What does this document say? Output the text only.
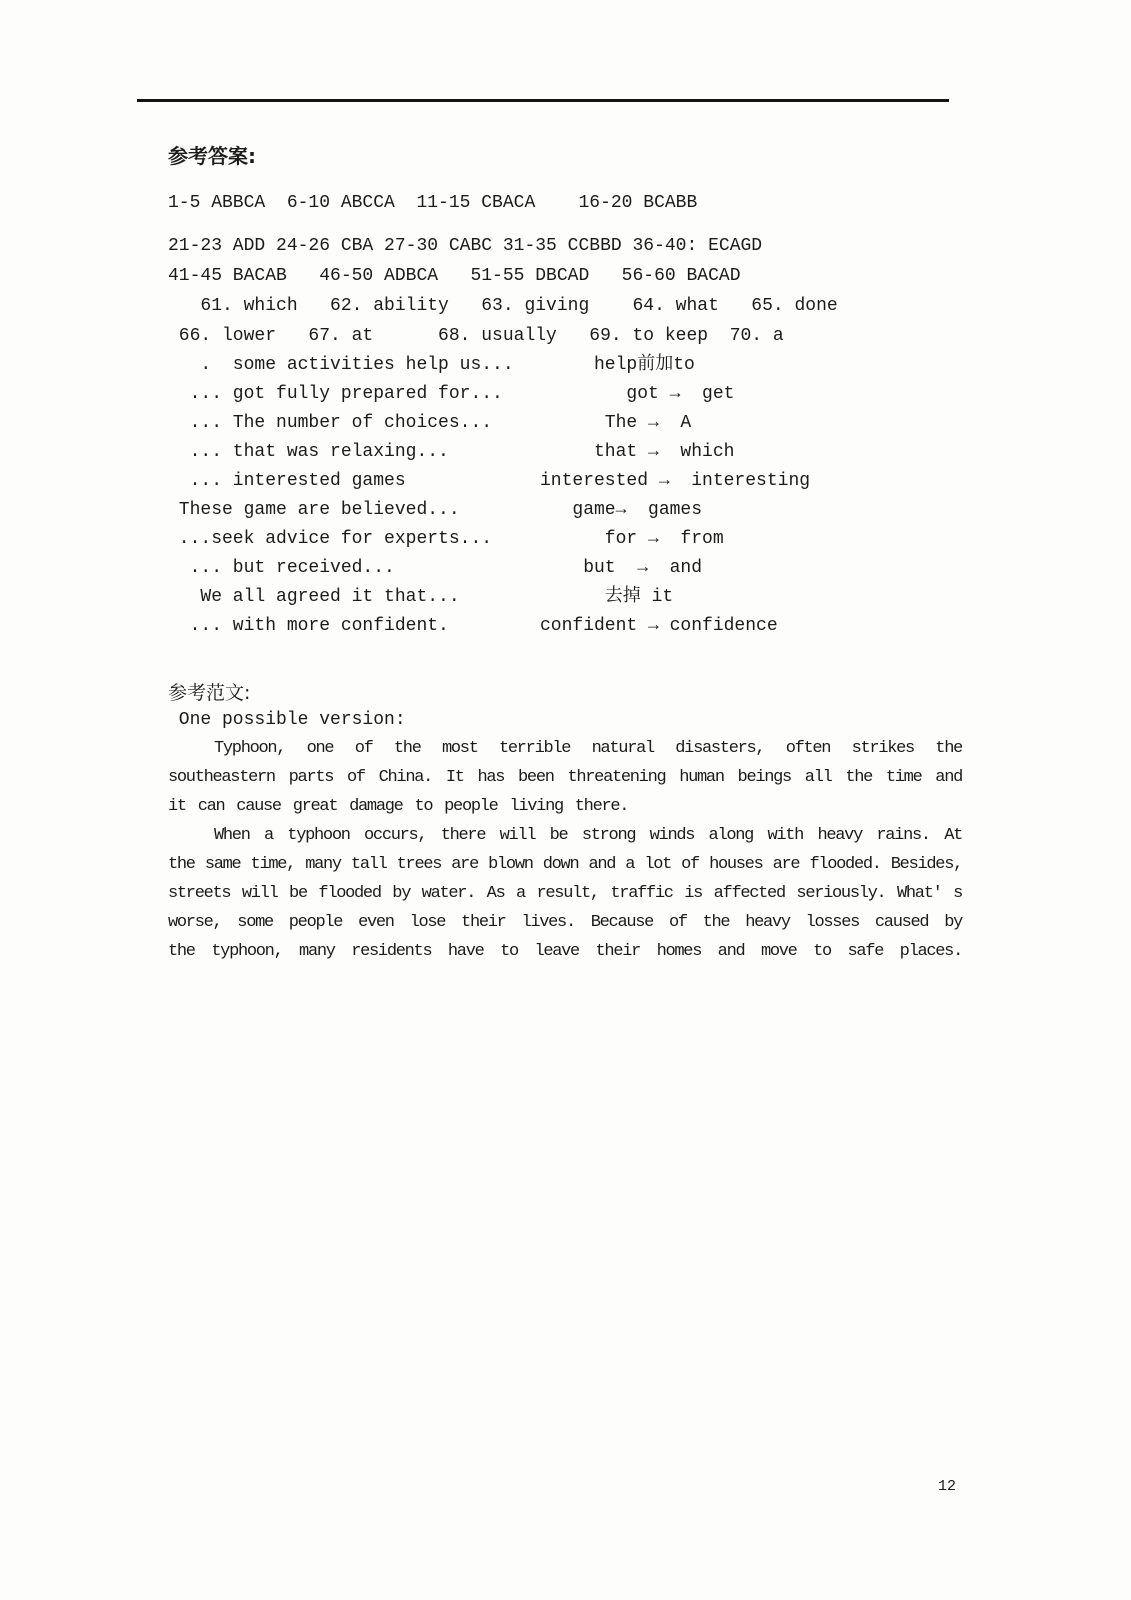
参考答案:
1-5 ABBCA  6-10 ABCCA  11-15 CBACA    16-20 BCABB
21-23 ADD 24-26 CBA 27-30 CABC 31-35 CCBBD 36-40: ECAGD
41-45 BACAB   46-50 ADBCA   51-55 DBCAD   56-60 BACAD
61. which   62. ability   63. giving    64. what   65. done
66. lower   67. at      68. usually   69. to keep  70. a
.  some activities help us...	help前加to
... got fully prepared for...	got →  get
... The number of choices...	The →  A
... that was relaxing...	that →  which
... interested games	interested →  interesting
These game are believed...	game→  games
...seek advice for experts...	for →  from
... but received...	but  →  and
We all agreed it that...	去掉 it
... with more confident.	confident → confidence
参考范文:
One possible version:
Typhoon, one of the most terrible natural disasters, often strikes the
southeastern parts of China. It has been threatening human beings all the time and
it can cause great damage to people living there.
When a typhoon occurs, there will be strong winds along with heavy rains. At
the same time, many tall trees are blown down and a lot of houses are flooded. Besides,
streets will be flooded by water. As a result, traffic is affected seriously. What' s
worse, some people even lose their lives. Because of the heavy losses caused by
the typhoon, many residents have to leave their homes and move to safe places.
12
